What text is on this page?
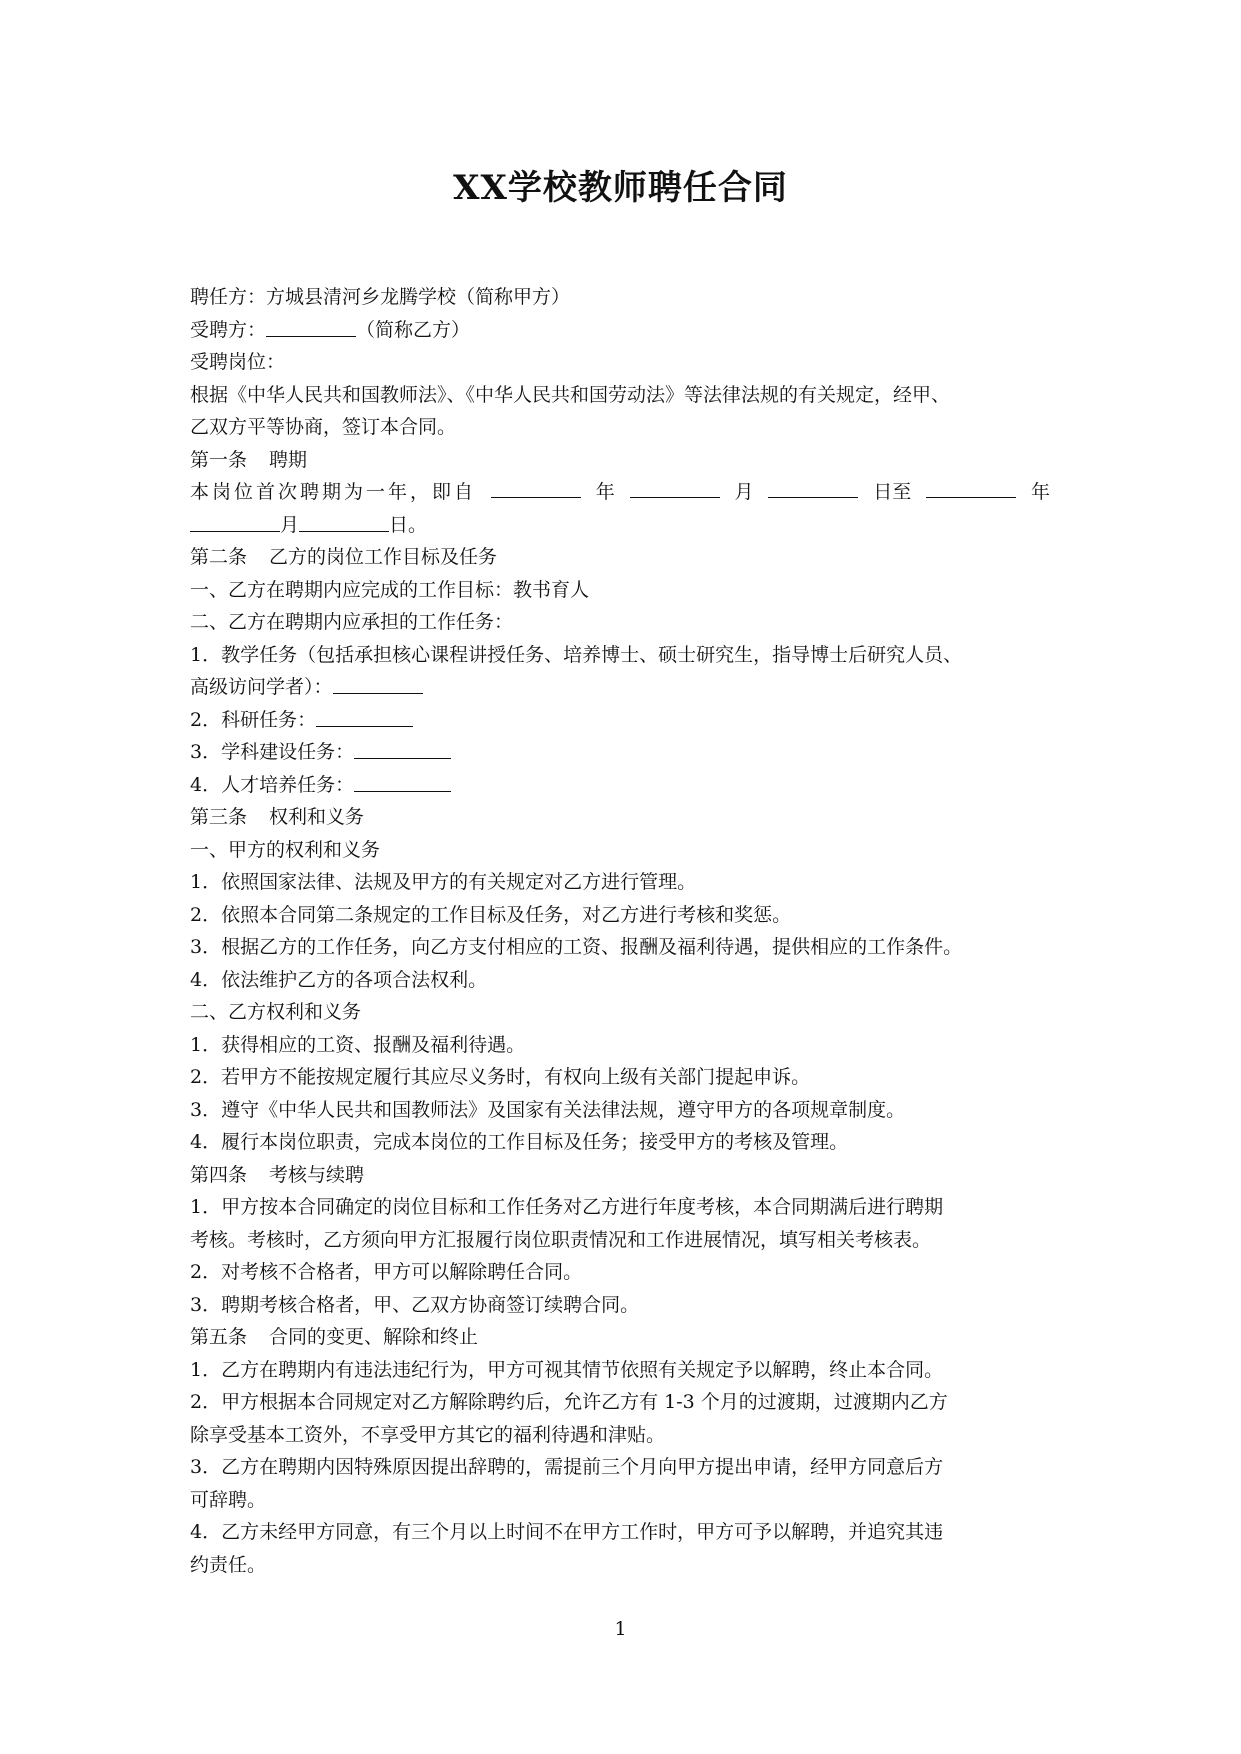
XX学校教师聘任合同
聘任方：方城县清河乡龙腾学校（简称甲方）
受聘方：	（简称乙方）
受聘岗位：
根据《中华人民共和国教师法》、《中华人民共和国劳动法》等法律法规的有关规定，经甲、
乙双方平等协商，签订本合同。
第一条 聘期
本岗位首次聘期为一年，即自	年	月	日至	年
月	日。
第二条 乙方的岗位工作目标及任务
一、乙方在聘期内应完成的工作目标：教书育人
二、乙方在聘期内应承担的工作任务：
1．教学任务（包括承担核心课程讲授任务、培养博士、硕士研究生，指导博士后研究人员、
高级访问学者）：
2．科研任务：
3．学科建设任务：
4．人才培养任务：
第三条 权利和义务
一、甲方的权利和义务
1．依照国家法律、法规及甲方的有关规定对乙方进行管理。
2．依照本合同第二条规定的工作目标及任务，对乙方进行考核和奖惩。
3．根据乙方的工作任务，向乙方支付相应的工资、报酬及福利待遇，提供相应的工作条件。
4．依法维护乙方的各项合法权利。
二、乙方权利和义务
1．获得相应的工资、报酬及福利待遇。
2．若甲方不能按规定履行其应尽义务时，有权向上级有关部门提起申诉。
3．遵守《中华人民共和国教师法》及国家有关法律法规，遵守甲方的各项规章制度。
4．履行本岗位职责，完成本岗位的工作目标及任务；接受甲方的考核及管理。
第四条 考核与续聘
1．甲方按本合同确定的岗位目标和工作任务对乙方进行年度考核，本合同期满后进行聘期
考核。考核时，乙方须向甲方汇报履行岗位职责情况和工作进展情况，填写相关考核表。
2．对考核不合格者，甲方可以解除聘任合同。
3．聘期考核合格者，甲、乙双方协商签订续聘合同。
第五条 合同的变更、解除和终止
1．乙方在聘期内有违法违纪行为，甲方可视其情节依照有关规定予以解聘，终止本合同。
2．甲方根据本合同规定对乙方解除聘约后，允许乙方有 1-3 个月的过渡期，过渡期内乙方
除享受基本工资外，不享受甲方其它的福利待遇和津贴。
3．乙方在聘期内因特殊原因提出辞聘的，需提前三个月向甲方提出申请，经甲方同意后方
可辞聘。
4．乙方未经甲方同意，有三个月以上时间不在甲方工作时，甲方可予以解聘，并追究其违
约责任。
1
